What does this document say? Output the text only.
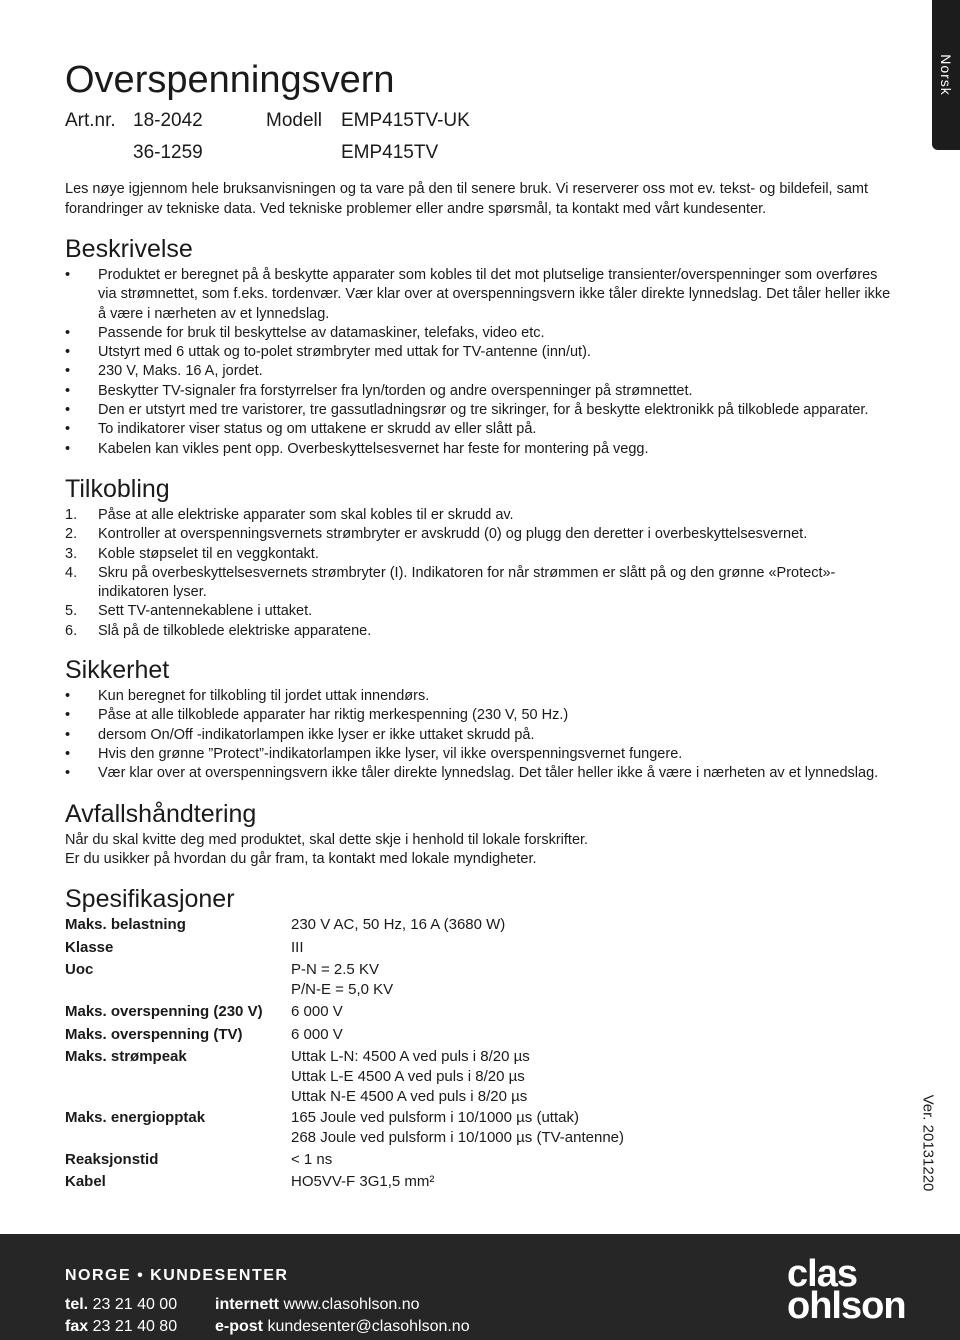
Norsk
Overspenningsvern
Art.nr. 18-2042	Modell EMP415TV-UK
36-1259	EMP415TV

Les nøye igjennom hele bruksanvisningen og ta vare på den til senere bruk. Vi reserverer oss mot ev. tekst- og bildefeil, samt forandringer av tekniske data. Ved tekniske problemer eller andre spørsmål, ta kontakt med vårt kundesenter.

Beskrivelse
•	Produktet er beregnet på å beskytte apparater som kobles til det mot plutselige transienter/overspenninger som overføres via strømnettet, som f.eks. tordenvær. Vær klar over at overspenningsvern ikke tåler direkte lynnedslag. Det tåler heller ikke å være i nærheten av et lynnedslag.
•	Passende for bruk til beskyttelse av datamaskiner, telefaks, video etc.
•	Utstyrt med 6 uttak og to-polet strømbryter med uttak for TV-antenne (inn/ut).
•	230 V, Maks. 16 A, jordet.
•	Beskytter TV-signaler fra forstyrrelser fra lyn/torden og andre overspenninger på strømnettet.
•	Den er utstyrt med tre varistorer, tre gassutladningsrør og tre sikringer, for å beskytte elektronikk på tilkoblede apparater.
•	To indikatorer viser status og om uttakene er skrudd av eller slått på.
•	Kabelen kan vikles pent opp. Overbeskyttelsesvernet har feste for montering på vegg.
Tilkobling
1. Påse at alle elektriske apparater som skal kobles til er skrudd av.
2. Kontroller at overspenningsvernets strømbryter er avskrudd (0) og plugg den deretter i overbeskyttelsesvernet.
3. Koble støpselet til en veggkontakt.
4. Skru på overbeskyttelsesvernets strømbryter (I). Indikatoren for når strømmen er slått på og den grønne «Protect»-indikatoren lyser.
5. Sett TV-antennekablene i uttaket.
6. Slå på de tilkoblede elektriske apparatene.
Sikkerhet
•	Kun beregnet for tilkobling til jordet uttak innendørs.
•	Påse at alle tilkoblede apparater har riktig merkespenning (230 V, 50 Hz.)
•	dersom On/Off -indikatorlampen ikke lyser er ikke uttaket skrudd på.
•	Hvis den grønne ”Protect”-indikatorlampen ikke lyser, vil ikke overspenningsvernet fungere.
•	Vær klar over at overspenningsvern ikke tåler direkte lynnedslag. Det tåler heller ikke å være i nærheten av et lynnedslag.
Avfallshåndtering

Når du skal kvitte deg med produktet, skal dette skje i henhold til lokale forskrifter.

Er du usikker på hvordan du går fram, ta kontakt med lokale myndigheter.

Spesifikasjoner
Maks. belastning	230 V AC, 50 Hz, 16 A (3680 W)
Klasse	III
Uoc	P-N = 2.5 KV
P/N-E = 5,0 KV
Maks. overspenning (230 V) 6 000 V
Maks. overspenning (TV)	6 000 V
Maks. strømpeak	Uttak L-N: 4500 A ved puls i 8/20 µs
Uttak L-E 4500 A ved puls i 8/20 µs
Uttak N-E 4500 A ved puls i 8/20 µs
Maks. energiopptak	165 Joule ved pulsform i 10/1000 µs (uttak)
268 Joule ved pulsform i 10/1000 µs (TV-antenne)
Reaksjonstid	< 1 ns
Kabel	HO5VV-F 3G1,5 mm²	Ver. 20131220
NORGE • KUNDESENTER
tel. 23 21 40 00 internett www.clasohlson.no
fax 23 21 40 80 e-post kundesenter@clasohlson.no
clas
ohlson
